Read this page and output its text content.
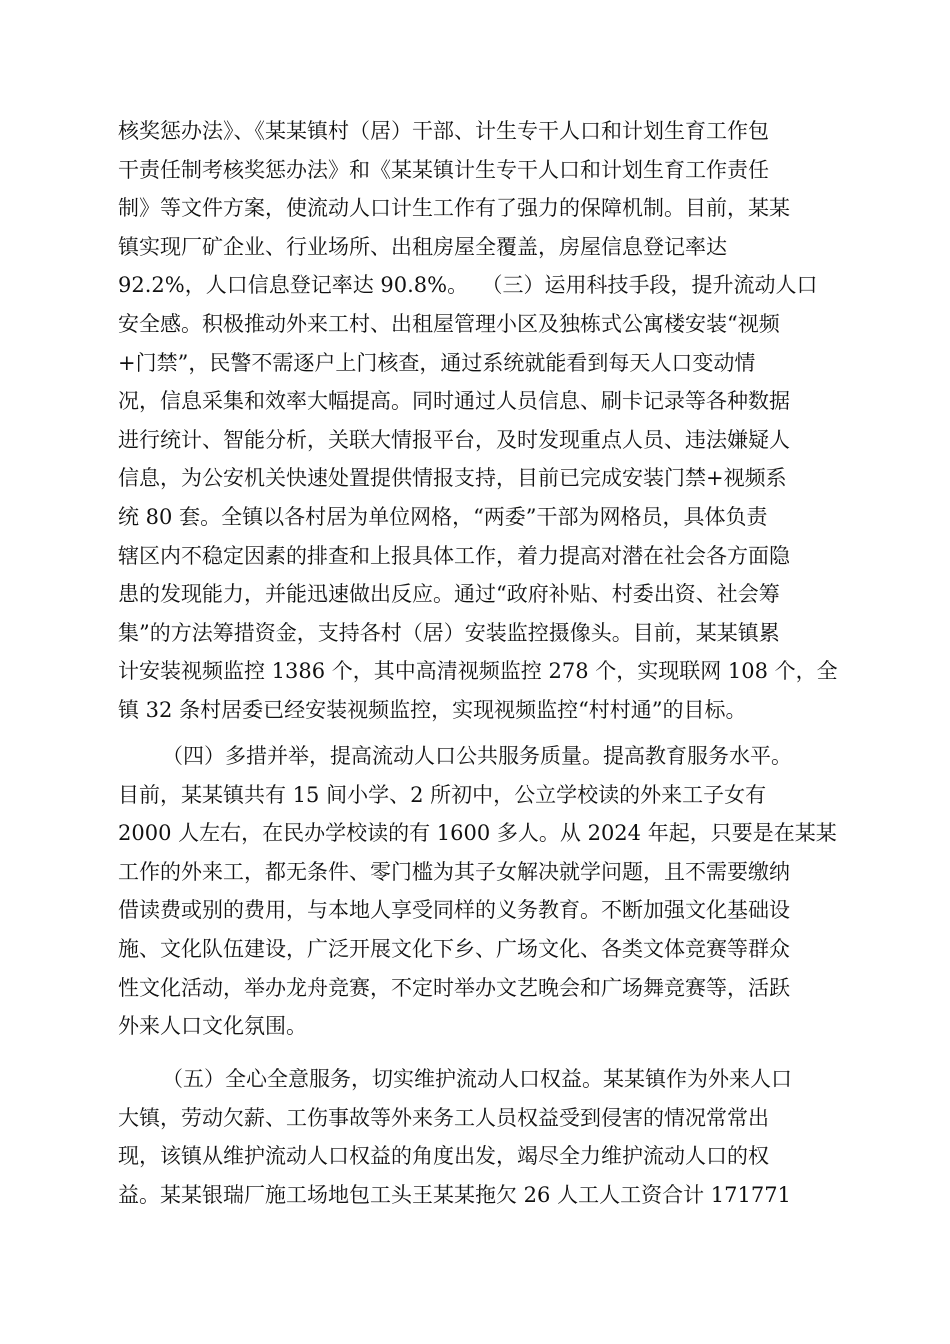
核奖惩办法》、《某某镇村（居）干部、计生专干人口和计划生育工作包
干责任制考核奖惩办法》和《某某镇计生专干人口和计划生育工作责任
制》等文件方案，使流动人口计生工作有了强力的保障机制。目前，某某
镇实现厂矿企业、行业场所、出租房屋全覆盖，房屋信息登记率达
92.2%，人口信息登记率达 90.8%。  （三）运用科技手段，提升流动人口
安全感。积极推动外来工村、出租屋管理小区及独栋式公寓楼安装“视频
+门禁”，民警不需逐户上门核查，通过系统就能看到每天人口变动情
况，信息采集和效率大幅提高。同时通过人员信息、刷卡记录等各种数据
进行统计、智能分析，关联大情报平台，及时发现重点人员、违法嫌疑人
信息，为公安机关快速处置提供情报支持，目前已完成安装门禁+视频系
统 80 套。全镇以各村居为单位网格，“两委”干部为网格员，具体负责
辖区内不稳定因素的排查和上报具体工作，着力提高对潜在社会各方面隐
患的发现能力，并能迅速做出反应。通过“政府补贴、村委出资、社会筹
集”的方法筹措资金，支持各村（居）安装监控摄像头。目前，某某镇累
计安装视频监控 1386 个，其中高清视频监控 278 个，实现联网 108 个，全
镇 32 条村居委已经安装视频监控，实现视频监控“村村通”的目标。
（四）多措并举，提高流动人口公共服务质量。提高教育服务水平。
目前，某某镇共有 15 间小学、2 所初中，公立学校读的外来工子女有
2000 人左右，在民办学校读的有 1600 多人。从 2024 年起，只要是在某某
工作的外来工，都无条件、零门槛为其子女解决就学问题，且不需要缴纳
借读费或别的费用，与本地人享受同样的义务教育。不断加强文化基础设
施、文化队伍建设，广泛开展文化下乡、广场文化、各类文体竞赛等群众
性文化活动，举办龙舟竞赛，不定时举办文艺晚会和广场舞竞赛等，活跃
外来人口文化氛围。
（五）全心全意服务，切实维护流动人口权益。某某镇作为外来人口
大镇，劳动欠薪、工伤事故等外来务工人员权益受到侵害的情况常常出
现，该镇从维护流动人口权益的角度出发，竭尽全力维护流动人口的权
益。某某银瑞厂施工场地包工头王某某拖欠 26 人工人工资合计 171771
